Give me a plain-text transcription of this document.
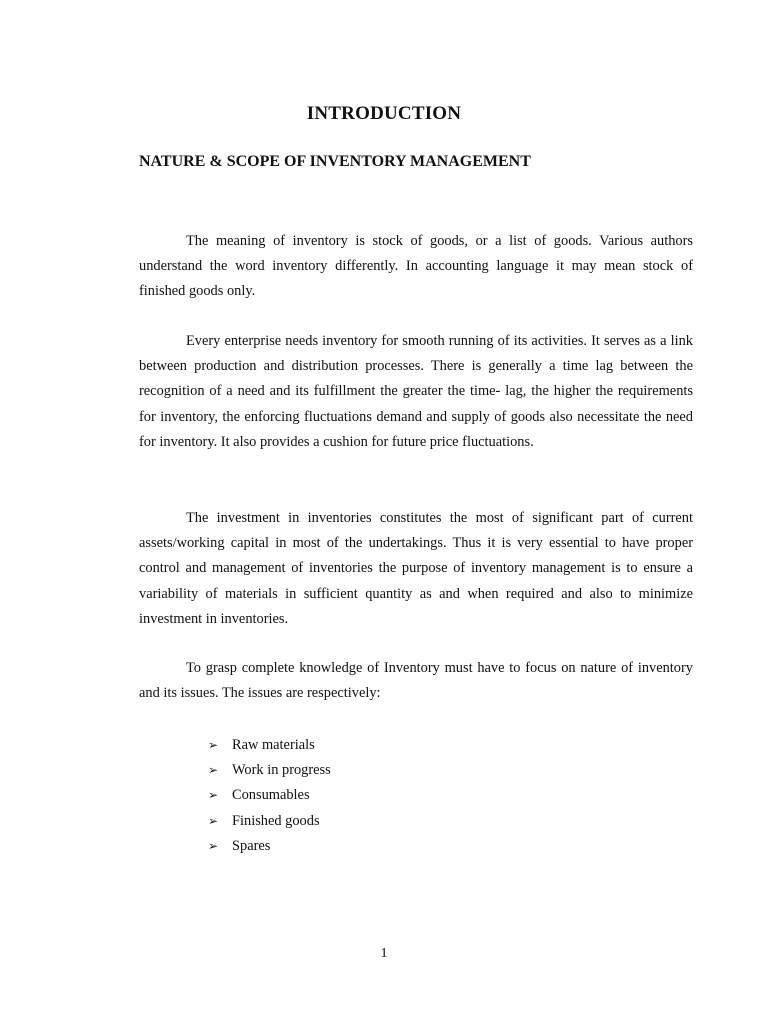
INTRODUCTION
NATURE & SCOPE OF INVENTORY MANAGEMENT

The meaning of inventory is stock of goods, or a list of goods. Various authors understand the word inventory differently. In accounting language it may mean stock of finished goods only.

Every enterprise needs inventory for smooth running of its activities. It serves as a link between production and distribution processes. There is generally a time lag between the recognition of a need and its fulfillment the greater the time- lag, the higher the requirements for inventory, the enforcing fluctuations demand and supply of goods also necessitate the need for inventory. It also provides a cushion for future price fluctuations.

The investment in inventories constitutes the most of significant part of current assets/working capital in most of the undertakings. Thus it is very essential to have proper control and management of inventories the purpose of inventory management is to ensure a variability of materials in sufficient quantity as and when required and also to minimize investment in inventories.

To grasp complete knowledge of Inventory must have to focus on nature of inventory and its issues. The issues are respectively:

➢ Raw materials
➢ Work in progress
➢ Consumables
➢ Finished goods
➢ Spares
1
